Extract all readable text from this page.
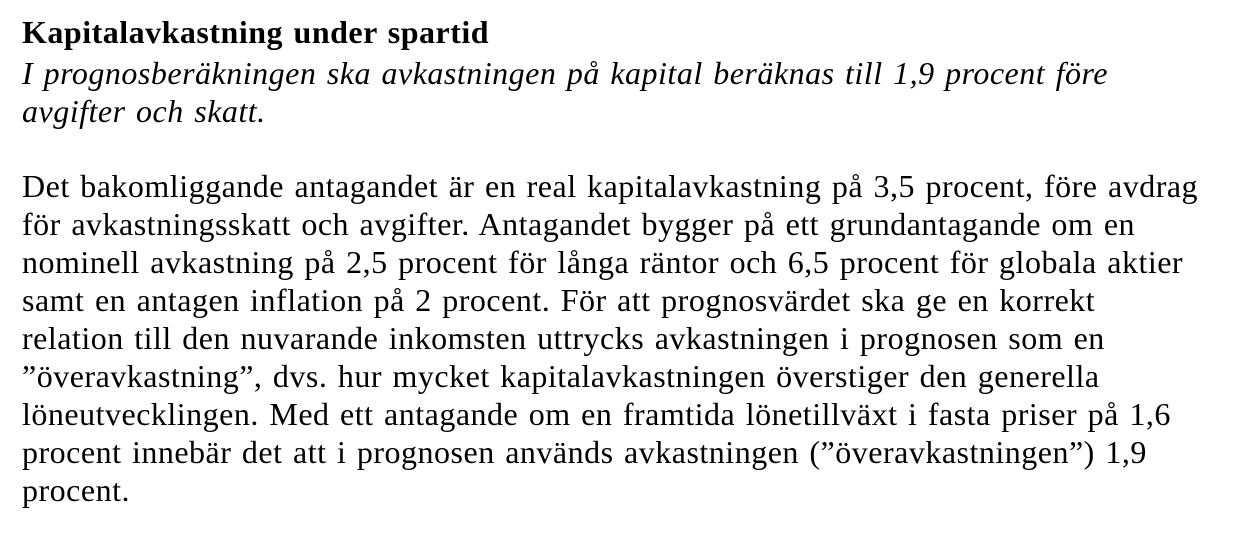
Kapitalavkastning under spartid
I prognosberäkningen ska avkastningen på kapital beräknas till 1,9 procent före
avgifter och skatt.
Det bakomliggande antagandet är en real kapitalavkastning på 3,5 procent, före avdrag
för avkastningsskatt och avgifter. Antagandet bygger på ett grundantagande om en
nominell avkastning på 2,5 procent för långa räntor och 6,5 procent för globala aktier
samt en antagen inflation på 2 procent. För att prognosvärdet ska ge en korrekt
relation till den nuvarande inkomsten uttrycks avkastningen i prognosen som en
”överavkastning”, dvs. hur mycket kapitalavkastningen överstiger den generella
löneutvecklingen. Med ett antagande om en framtida lönetillväxt i fasta priser på 1,6
procent innebär det att i prognosen används avkastningen (”överavkastningen”) 1,9
procent.
